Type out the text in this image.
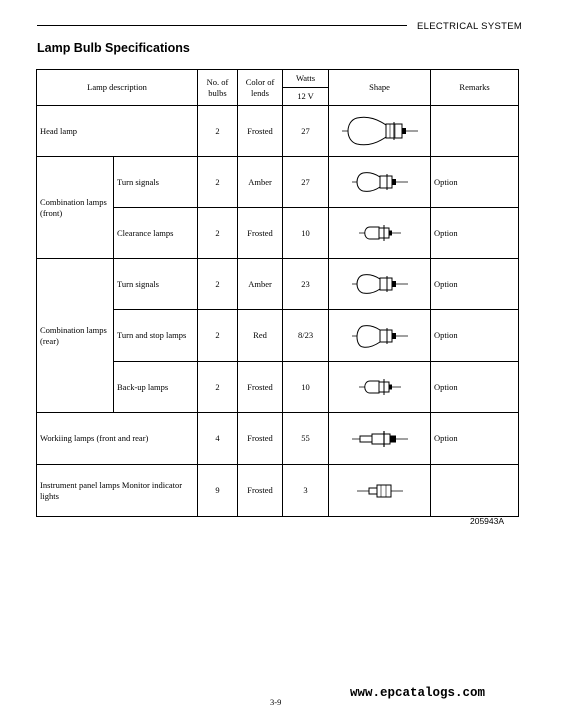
ELECTRICAL SYSTEM
Lamp Bulb Specifications
Lamp description		No. of bulbs	Color of lends	Watts	Shape	Remarks
				12 V		
Head lamp		2	Frosted	27	

Combination lamps (front)	Turn signals	2	Amber	27		Option
	Clearance lamps	2	Frosted	10		Option
Combination lamps (rear)	Turn signals	2	Amber	23		Option
	Turn and stop lamps	2	Red	8/23		Option
	Back-up lamps	2	Frosted	10		Option
Workiing lamps (front and rear)		4	Frosted	55		Option
Instrument panel lamps Monitor indicator lights		9	Frosted	3	

205943A
www.epcatalogs.com
3-9
